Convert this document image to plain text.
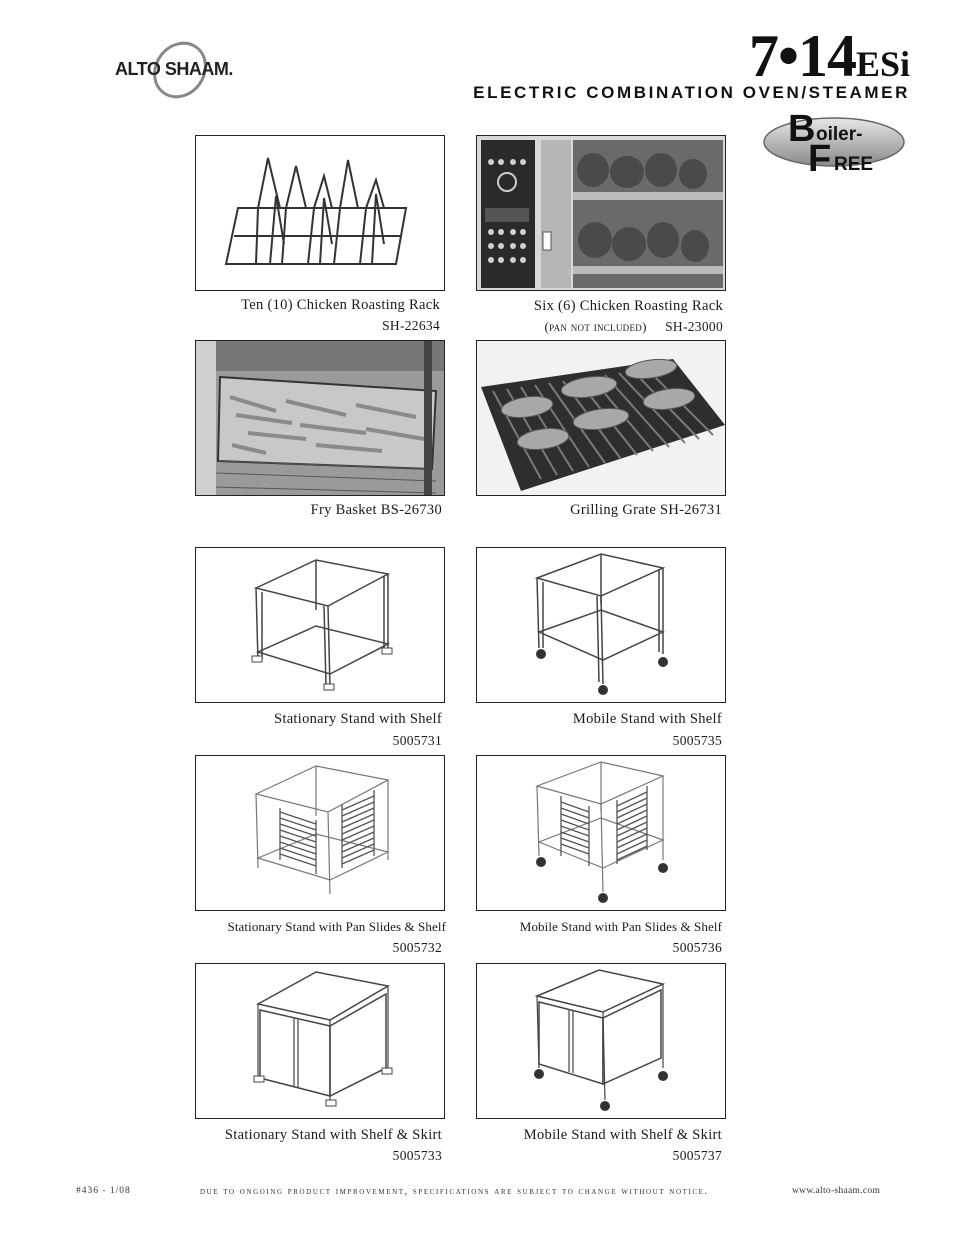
ALTO SHAAM.	7•14ESi
ELECTRIC COMBINATION OVEN/STEAMER
B oiler-
F REE
Ten (10) Chicken Roasting Rack
SH-22634
Six (6) Chicken Roasting Rack
(pan not included) SH-23000
Fry Basket BS-26730	Grilling Grate SH-26731
Stationary Stand with Shelf
5005731
Mobile Stand with Shelf
5005735
Stationary Stand with Pan Slides & Shelf
5005732
Mobile Stand with Pan Slides & Shelf
5005736
Stationary Stand with Shelf & Skirt
5005733
Mobile Stand with Shelf & Skirt
5005737
#436 - 1/08	due to ongoing product improvement, specifications are subject to change without notice.	www.alto-shaam.com
